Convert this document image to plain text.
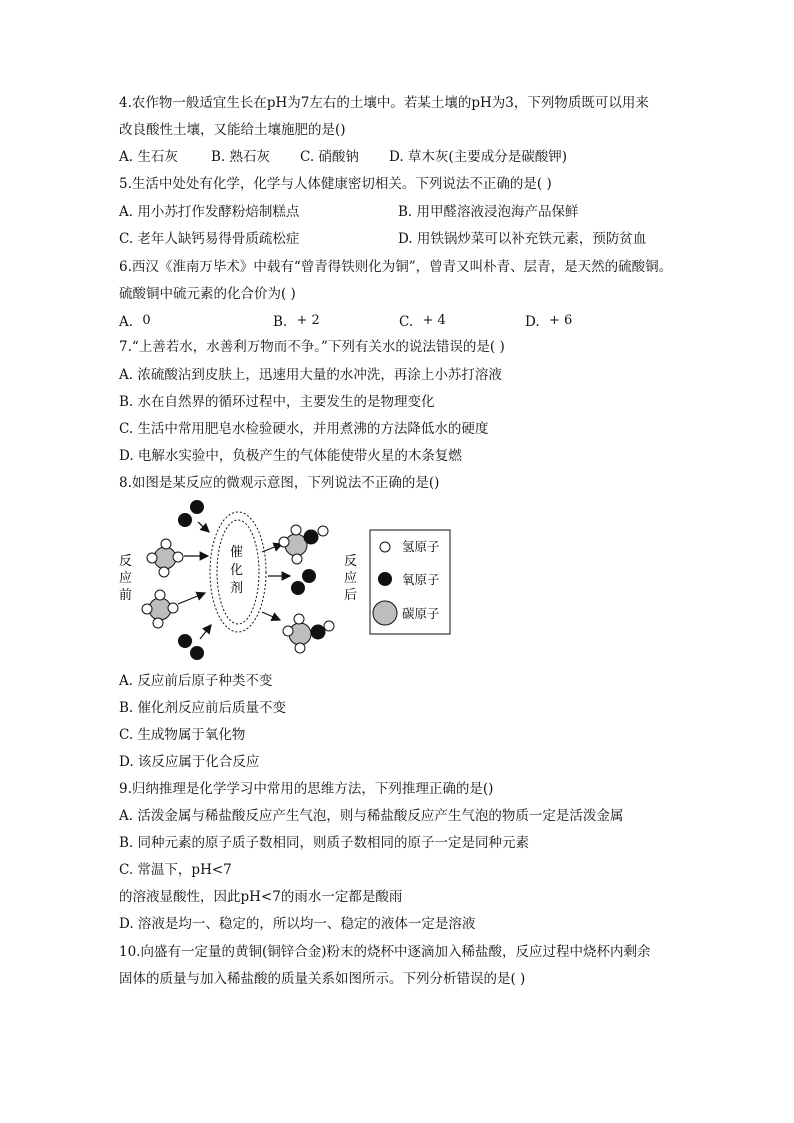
4.农作物一般适宜生长在pH为7左右的土壤中。若某土壤的pH为3，下列物质既可以用来
改良酸性土壤，又能给土壤施肥的是()
A. 生石灰 B. 熟石灰 C. 硝酸钠 D. 草木灰(主要成分是碳酸钾)
5.生活中处处有化学，化学与人体健康密切相关。下列说法不正确的是( )
A. 用小苏打作发酵粉焙制糕点	B. 用甲醛溶液浸泡海产品保鲜
C. 老年人缺钙易得骨质疏松症	D. 用铁锅炒菜可以补充铁元素，预防贫血
6.西汉《淮南万毕术》中载有“曾青得铁则化为铜”，曾青又叫朴青、层青，是天然的硫酸铜。
硫酸铜中硫元素的化合价为( )
A. 0	B. + 2	C. + 4	D. + 6
7.“上善若水，水善利万物而不争。”下列有关水的说法错误的是( )
A. 浓硫酸沾到皮肤上，迅速用大量的水冲洗，再涂上小苏打溶液
B. 水在自然界的循环过程中，主要发生的是物理变化
C. 生活中常用肥皂水检验硬水，并用煮沸的方法降低水的硬度
D. 电解水实验中，负极产生的气体能使带火星的木条复燃
8.如图是某反应的微观示意图，下列说法不正确的是()
反
应
前
催
化
剂
反
应
后
氢原子
氧原子
碳原子
A. 反应前后原子种类不变
B. 催化剂反应前后质量不变
C. 生成物属于氧化物
D. 该反应属于化合反应
9.归纳推理是化学学习中常用的思维方法，下列推理正确的是()
A. 活泼金属与稀盐酸反应产生气泡，则与稀盐酸反应产生气泡的物质一定是活泼金属
B. 同种元素的原子质子数相同，则质子数相同的原子一定是同种元素
C. 常温下，pH<7
的溶液显酸性，因此pH<7的雨水一定都是酸雨
D. 溶液是均一、稳定的，所以均一、稳定的液体一定是溶液
10.向盛有一定量的黄铜(铜锌合金)粉末的烧杯中逐滴加入稀盐酸，反应过程中烧杯内剩余
固体的质量与加入稀盐酸的质量关系如图所示。下列分析错误的是( )
